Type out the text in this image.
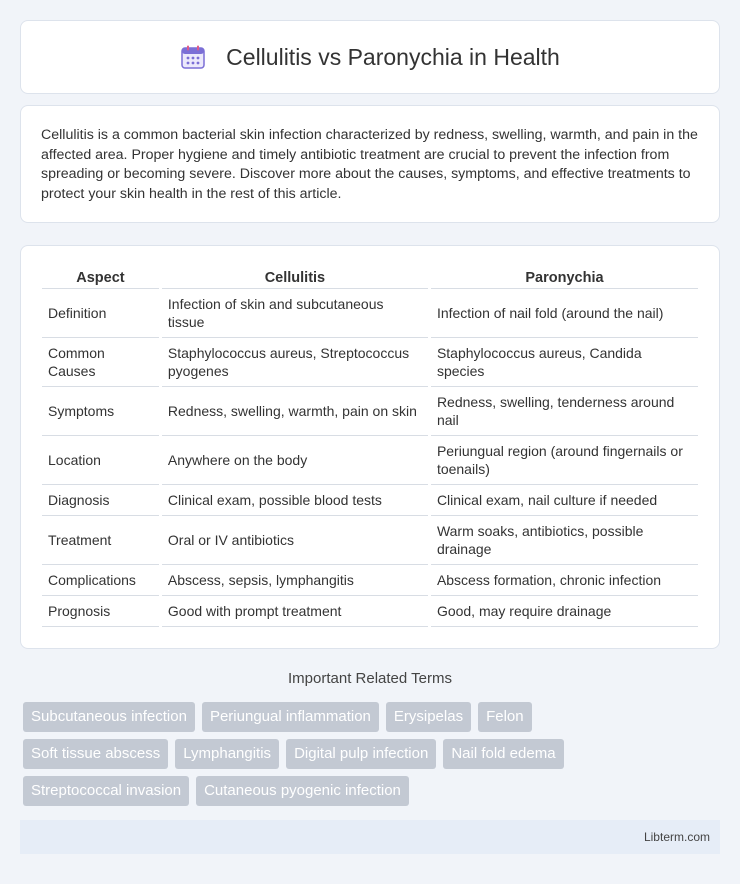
Cellulitis vs Paronychia in Health

Cellulitis is a common bacterial skin infection characterized by redness, swelling, warmth, and pain in the affected area. Proper hygiene and timely antibiotic treatment are crucial to prevent the infection from spreading or becoming severe. Discover more about the causes, symptoms, and effective treatments to protect your skin health in the rest of this article.

Aspect	Cellulitis	Paronychia
Definition	Infection of skin and subcutaneous tissue	Infection of nail fold (around the nail)
Common Causes	Staphylococcus aureus, Streptococcus pyogenes	Staphylococcus aureus, Candida species
Symptoms	Redness, swelling, warmth, pain on skin	Redness, swelling, tenderness around nail
Location	Anywhere on the body	Periungual region (around fingernails or toenails)
Diagnosis	Clinical exam, possible blood tests	Clinical exam, nail culture if needed
Treatment	Oral or IV antibiotics	Warm soaks, antibiotics, possible drainage
Complications	Abscess, sepsis, lymphangitis	Abscess formation, chronic infection
Prognosis	Good with prompt treatment	Good, may require drainage
Important Related Terms
Subcutaneous infection	Periungual inflammation	Erysipelas	Felon
Soft tissue abscess	Lymphangitis	Digital pulp infection	Nail fold edema
Streptococcal invasion	Cutaneous pyogenic infection
Libterm.com
